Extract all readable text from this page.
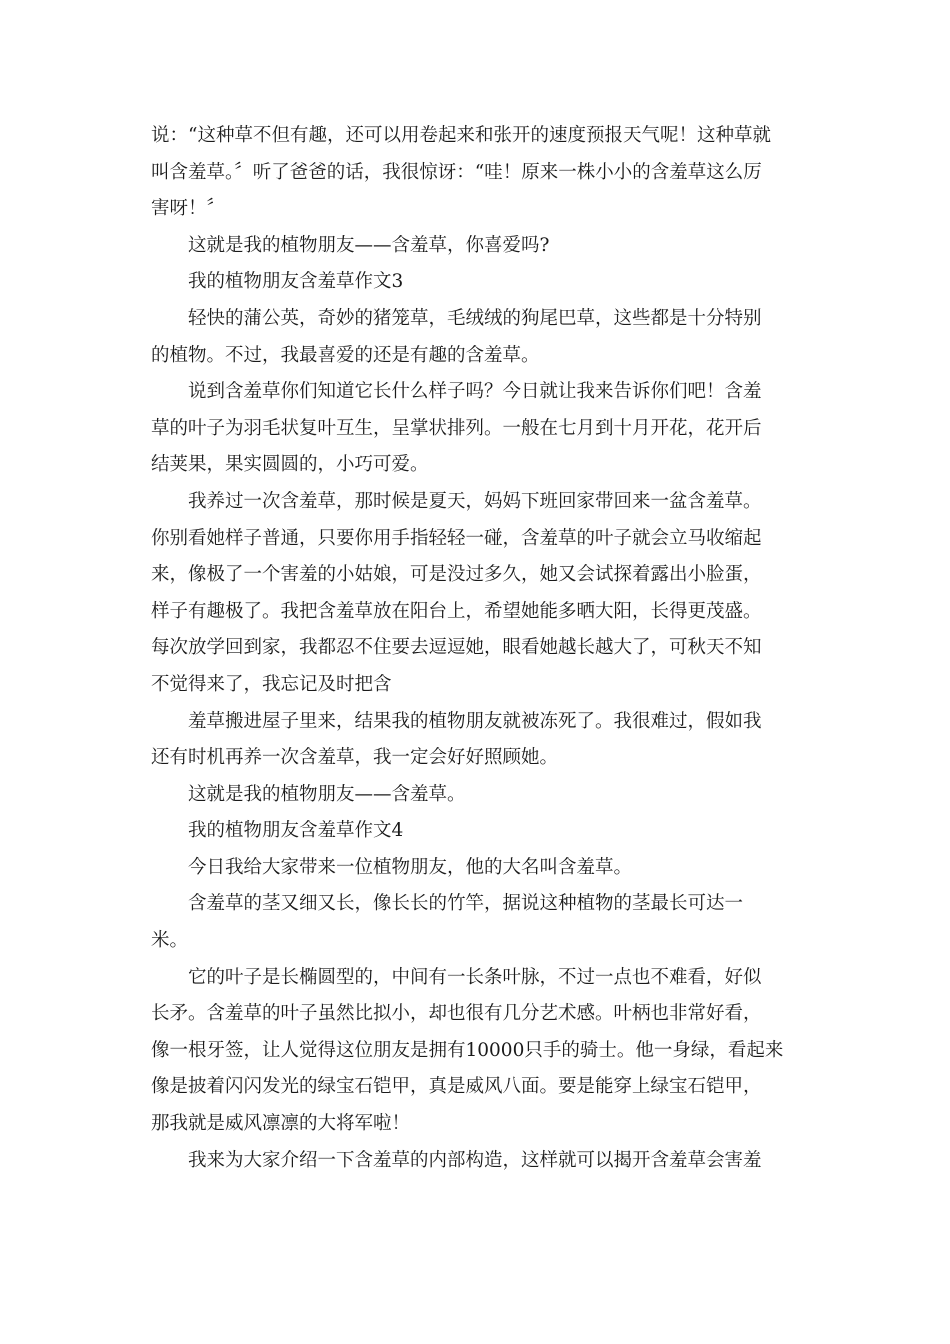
说：“这种草不但有趣，还可以用卷起来和张开的速度预报天气呢！这种草就
叫含羞草。〞听了爸爸的话，我很惊讶：“哇！原来一株小小的含羞草这么厉
害呀！〞
这就是我的植物朋友——含羞草，你喜爱吗?
我的植物朋友含羞草作文3
轻快的蒲公英，奇妙的猪笼草，毛绒绒的狗尾巴草，这些都是十分特别
的植物。不过，我最喜爱的还是有趣的含羞草。
说到含羞草你们知道它长什么样子吗？今日就让我来告诉你们吧！含羞
草的叶子为羽毛状复叶互生，呈掌状排列。一般在七月到十月开花，花开后
结荚果，果实圆圆的，小巧可爱。
我养过一次含羞草，那时候是夏天，妈妈下班回家带回来一盆含羞草。
你别看她样子普通，只要你用手指轻轻一碰，含羞草的叶子就会立马收缩起
来，像极了一个害羞的小姑娘，可是没过多久，她又会试探着露出小脸蛋，
样子有趣极了。我把含羞草放在阳台上，希望她能多晒大阳，长得更茂盛。
每次放学回到家，我都忍不住要去逗逗她，眼看她越长越大了，可秋天不知
不觉得来了，我忘记及时把含
羞草搬进屋子里来，结果我的植物朋友就被冻死了。我很难过，假如我
还有时机再养一次含羞草，我一定会好好照顾她。
这就是我的植物朋友——含羞草。
我的植物朋友含羞草作文4
今日我给大家带来一位植物朋友，他的大名叫含羞草。
含羞草的茎又细又长，像长长的竹竿，据说这种植物的茎最长可达一
米。
它的叶子是长椭圆型的，中间有一长条叶脉，不过一点也不难看，好似
长矛。含羞草的叶子虽然比拟小，却也很有几分艺术感。叶柄也非常好看，
像一根牙签，让人觉得这位朋友是拥有10000只手的骑士。他一身绿，看起来
像是披着闪闪发光的绿宝石铠甲，真是威风八面。要是能穿上绿宝石铠甲，
那我就是威风凛凛的大将军啦！
我来为大家介绍一下含羞草的内部构造，这样就可以揭开含羞草会害羞
